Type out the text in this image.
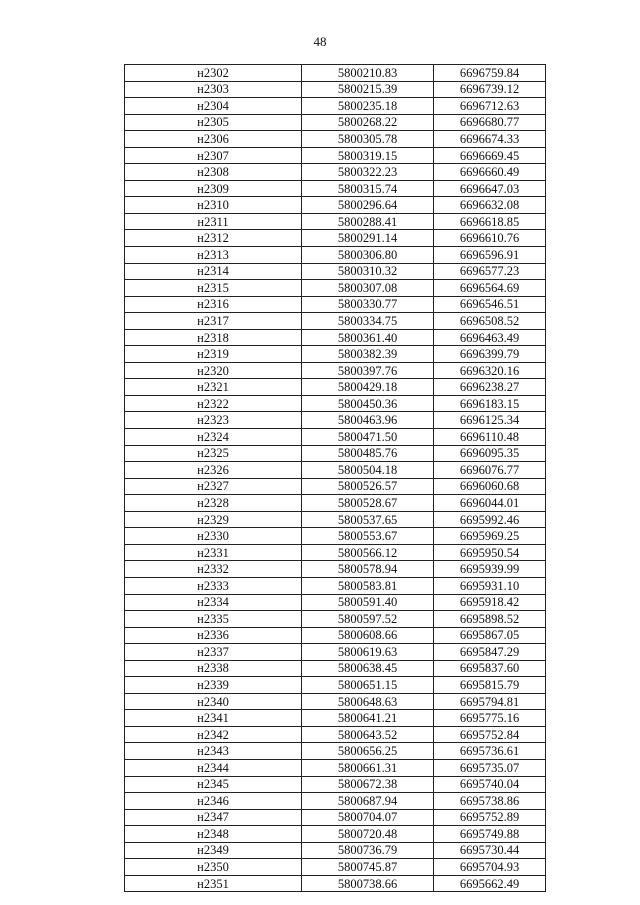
48
н2302	5800210.83	6696759.84
н2303	5800215.39	6696739.12
н2304	5800235.18	6696712.63
н2305	5800268.22	6696680.77
н2306	5800305.78	6696674.33
н2307	5800319.15	6696669.45
н2308	5800322.23	6696660.49
н2309	5800315.74	6696647.03
н2310	5800296.64	6696632.08
н2311	5800288.41	6696618.85
н2312	5800291.14	6696610.76
н2313	5800306.80	6696596.91
н2314	5800310.32	6696577.23
н2315	5800307.08	6696564.69
н2316	5800330.77	6696546.51
н2317	5800334.75	6696508.52
н2318	5800361.40	6696463.49
н2319	5800382.39	6696399.79
н2320	5800397.76	6696320.16
н2321	5800429.18	6696238.27
н2322	5800450.36	6696183.15
н2323	5800463.96	6696125.34
н2324	5800471.50	6696110.48
н2325	5800485.76	6696095.35
н2326	5800504.18	6696076.77
н2327	5800526.57	6696060.68
н2328	5800528.67	6696044.01
н2329	5800537.65	6695992.46
н2330	5800553.67	6695969.25
н2331	5800566.12	6695950.54
н2332	5800578.94	6695939.99
н2333	5800583.81	6695931.10
н2334	5800591.40	6695918.42
н2335	5800597.52	6695898.52
н2336	5800608.66	6695867.05
н2337	5800619.63	6695847.29
н2338	5800638.45	6695837.60
н2339	5800651.15	6695815.79
н2340	5800648.63	6695794.81
н2341	5800641.21	6695775.16
н2342	5800643.52	6695752.84
н2343	5800656.25	6695736.61
н2344	5800661.31	6695735.07
н2345	5800672.38	6695740.04
н2346	5800687.94	6695738.86
н2347	5800704.07	6695752.89
н2348	5800720.48	6695749.88
н2349	5800736.79	6695730.44
н2350	5800745.87	6695704.93
н2351	5800738.66	6695662.49
